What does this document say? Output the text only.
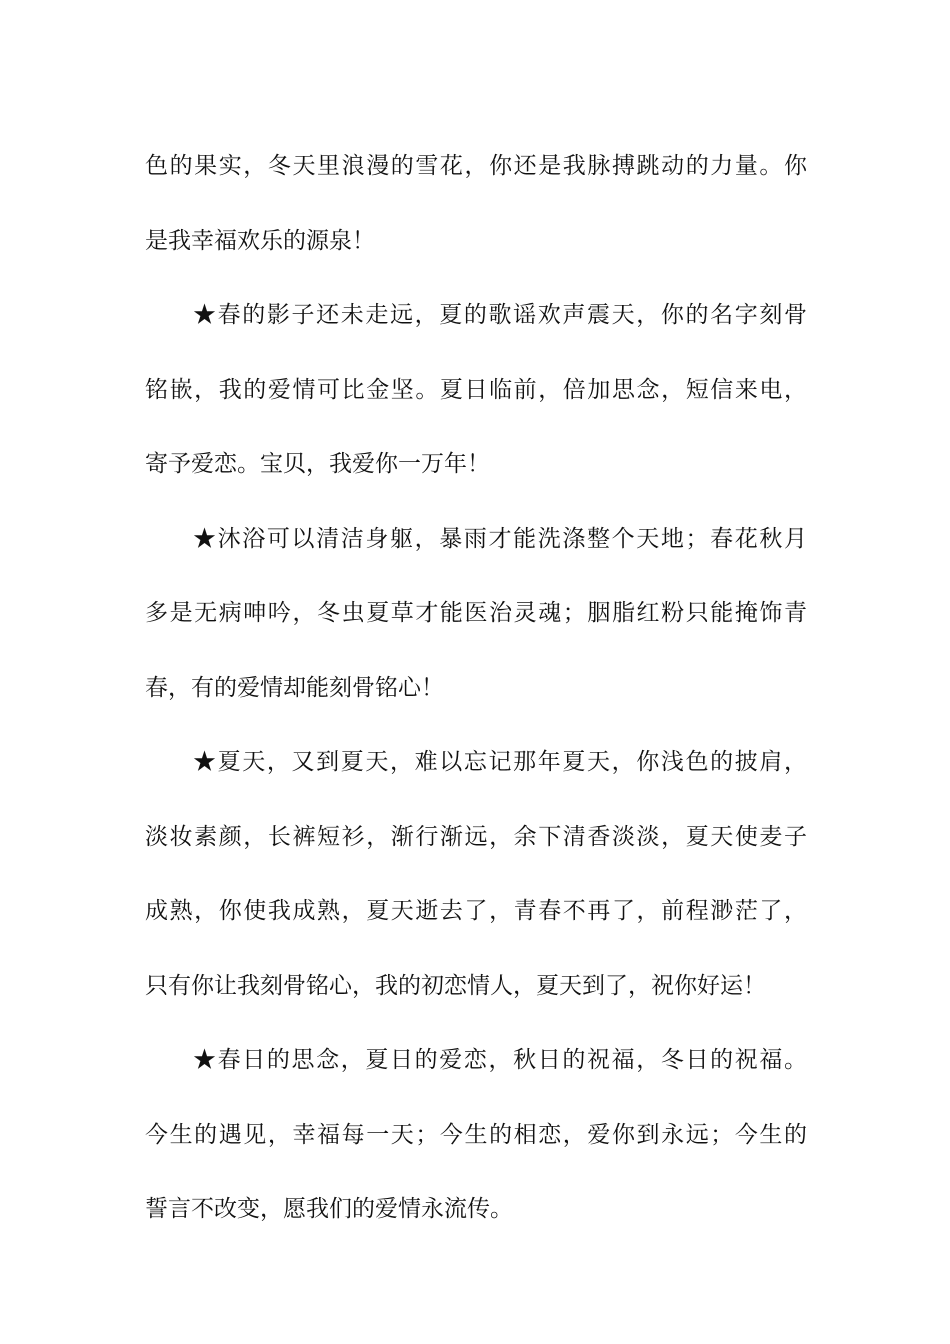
色的果实，冬天里浪漫的雪花，你还是我脉搏跳动的力量。你
是我幸福欢乐的源泉！

★春的影子还未走远，夏的歌谣欢声震天，你的名字刻骨
铭嵌，我的爱情可比金坚。夏日临前，倍加思念，短信来电，
寄予爱恋。宝贝，我爱你一万年！

★沐浴可以清洁身躯，暴雨才能洗涤整个天地；春花秋月
多是无病呻吟，冬虫夏草才能医治灵魂；胭脂红粉只能掩饰青
春，有的爱情却能刻骨铭心！

★夏天，又到夏天，难以忘记那年夏天，你浅色的披肩，
淡妆素颜，长裤短衫，渐行渐远，余下清香淡淡，夏天使麦子
成熟，你使我成熟，夏天逝去了，青春不再了，前程渺茫了，
只有你让我刻骨铭心，我的初恋情人，夏天到了，祝你好运！

★春日的思念，夏日的爱恋，秋日的祝福，冬日的祝福。
今生的遇见，幸福每一天；今生的相恋，爱你到永远；今生的
誓言不改变，愿我们的爱情永流传。
